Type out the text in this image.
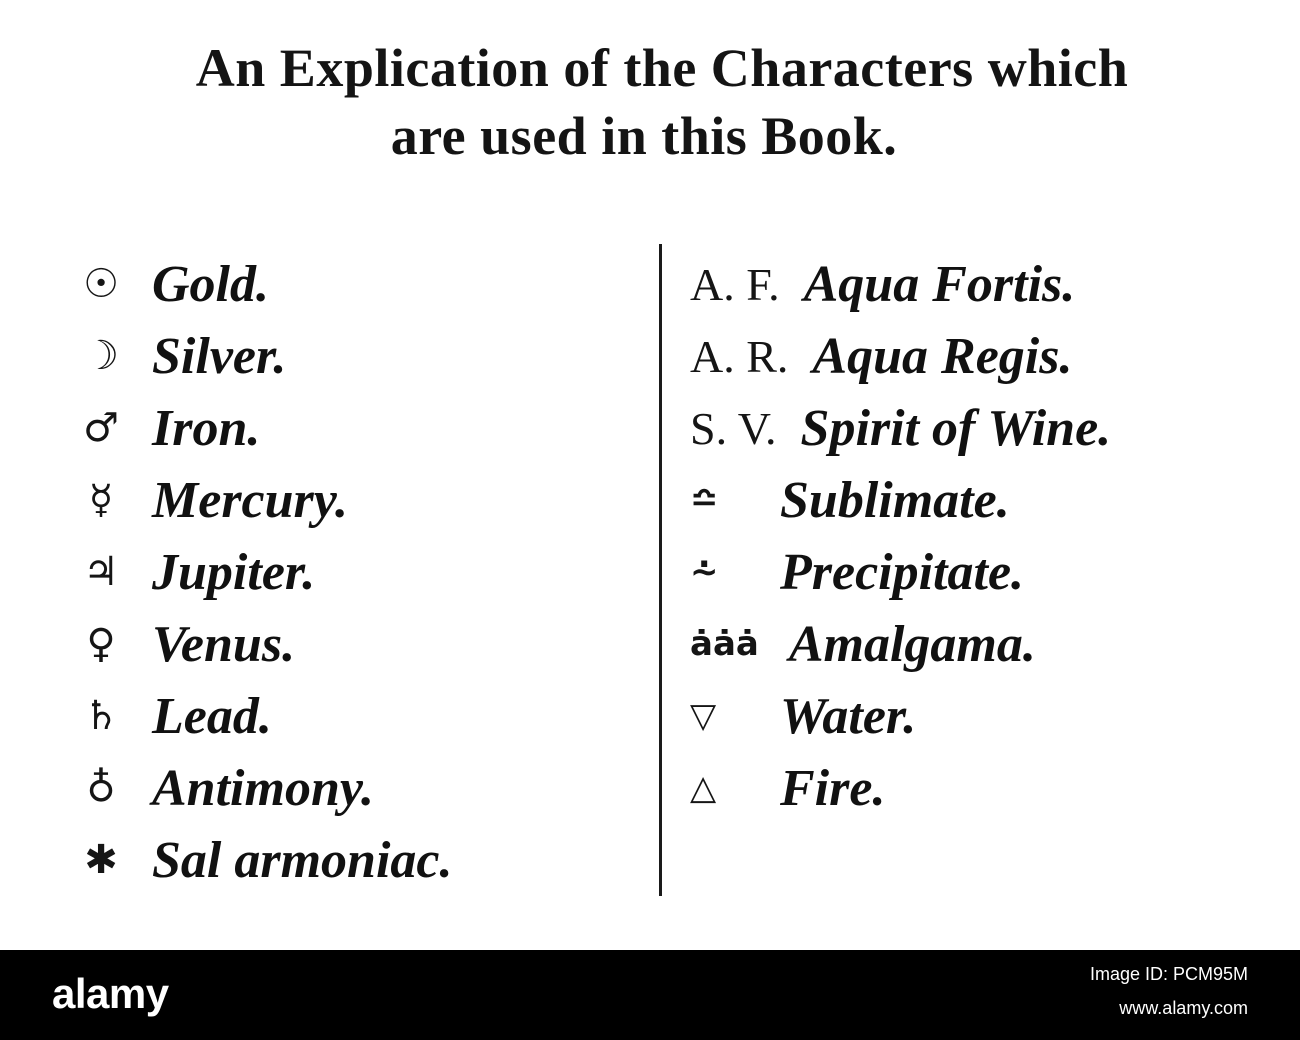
An Explication of the Characters which
are used in this Book.
☉ Gold.
☽ Silver.
♂ Iron.
☿ Mercury.
♃ Jupiter.
♀ Venus.
♄ Lead.
♁ Antimony.
✱ Sal armoniac.
A. F. Aqua Fortis.
A. R. Aqua Regis.
S. V. Spirit of Wine.
≏	Sublimate.
⩪	Precipitate.
ȧȧȧ Amalgama.
▽	Water.
△	Fire.
alamy	Image ID: PCM95M
www.alamy.com
